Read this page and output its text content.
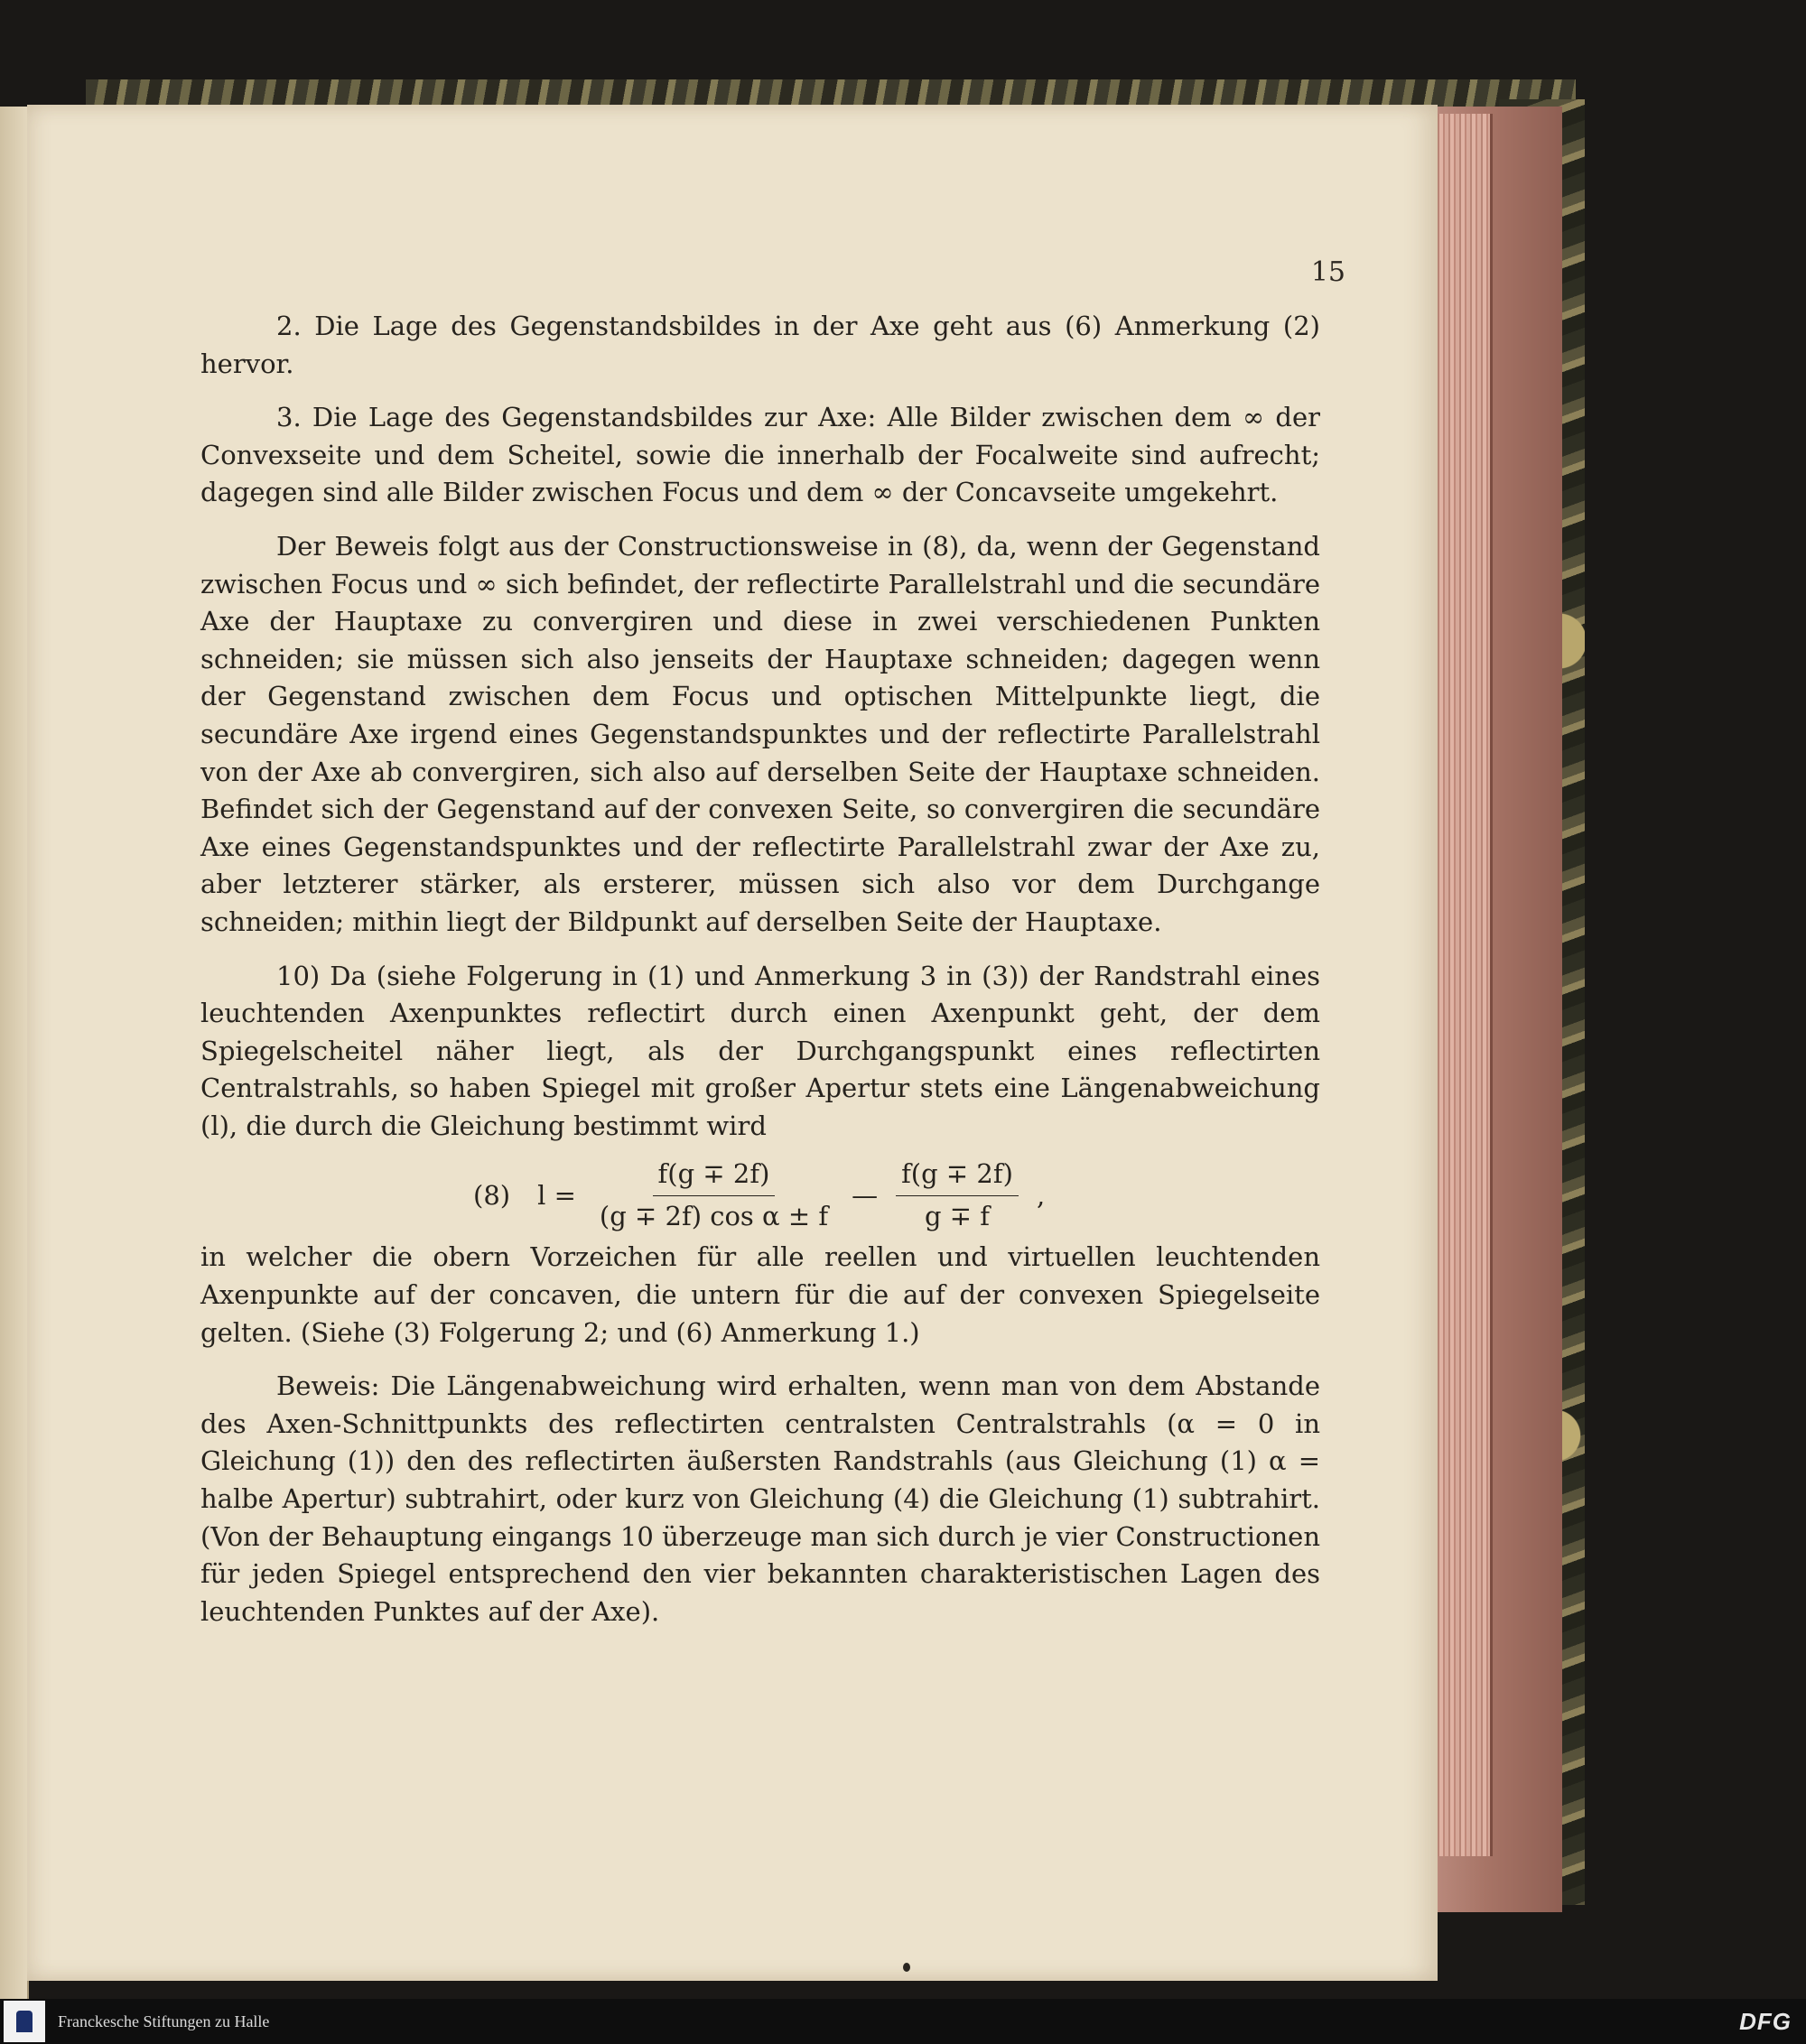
15

2. Die Lage des Gegenstandsbildes in der Axe geht aus (6) Anmerkung (2) hervor.

3. Die Lage des Gegenstandsbildes zur Axe: Alle Bilder zwischen dem ∞ der Convexseite und dem Scheitel, sowie die innerhalb der Focalweite sind aufrecht; dagegen sind alle Bilder zwischen Focus und dem ∞ der Concavseite umgekehrt.

Der Beweis folgt aus der Constructionsweise in (8), da, wenn der Gegenstand zwischen Focus und ∞ sich befindet, der reflectirte Parallelstrahl und die secundäre Axe der Hauptaxe zu convergiren und diese in zwei verschiedenen Punkten schneiden; sie müssen sich also jenseits der Hauptaxe schneiden; dagegen wenn der Gegenstand zwischen dem Focus und optischen Mittelpunkte liegt, die secundäre Axe irgend eines Gegenstandspunktes und der reflectirte Parallelstrahl von der Axe ab convergiren, sich also auf derselben Seite der Hauptaxe schneiden. Befindet sich der Gegenstand auf der convexen Seite, so convergiren die secundäre Axe eines Gegenstandspunktes und der reflectirte Parallelstrahl zwar der Axe zu, aber letzterer stärker, als ersterer, müssen sich also vor dem Durchgange schneiden; mithin liegt der Bildpunkt auf derselben Seite der Hauptaxe.

10) Da (siehe Folgerung in (1) und Anmerkung 3 in (3)) der Randstrahl eines leuchtenden Axenpunktes reflectirt durch einen Axenpunkt geht, der dem Spiegelscheitel näher liegt, als der Durchgangspunkt eines reflectirten Centralstrahls, so haben Spiegel mit großer Apertur stets eine Längenabweichung (l), die durch die Gleichung bestimmt wird

(8) $l = \frac{f(g \mp 2f)}{\text{(g ∓ 2f) cos α ± f}}$ — $\frac{f(g \mp 2f)}{g \mp f}$ ,

in welcher die obern Vorzeichen für alle reellen und virtuellen leuchtenden Axenpunkte auf der concaven, die untern für die auf der convexen Spiegelseite gelten. (Siehe (3) Folgerung 2; und (6) Anmerkung 1.)

Beweis: Die Längenabweichung wird erhalten, wenn man von dem Abstande des Axen-Schnittpunkts des reflectirten centralsten Centralstrahls (α = 0 in Gleichung (1)) den des reflectirten äußersten Randstrahls (aus Gleichung (1) α = halbe Apertur) subtrahirt, oder kurz von Gleichung (4) die Gleichung (1) subtrahirt. (Von der Behauptung eingangs 10 überzeuge man sich durch je vier Constructionen für jeden Spiegel entsprechend den vier bekannten charakteristischen Lagen des leuchtenden Punktes auf der Axe).

Franckesche Stiftungen zu Halle	DFG
